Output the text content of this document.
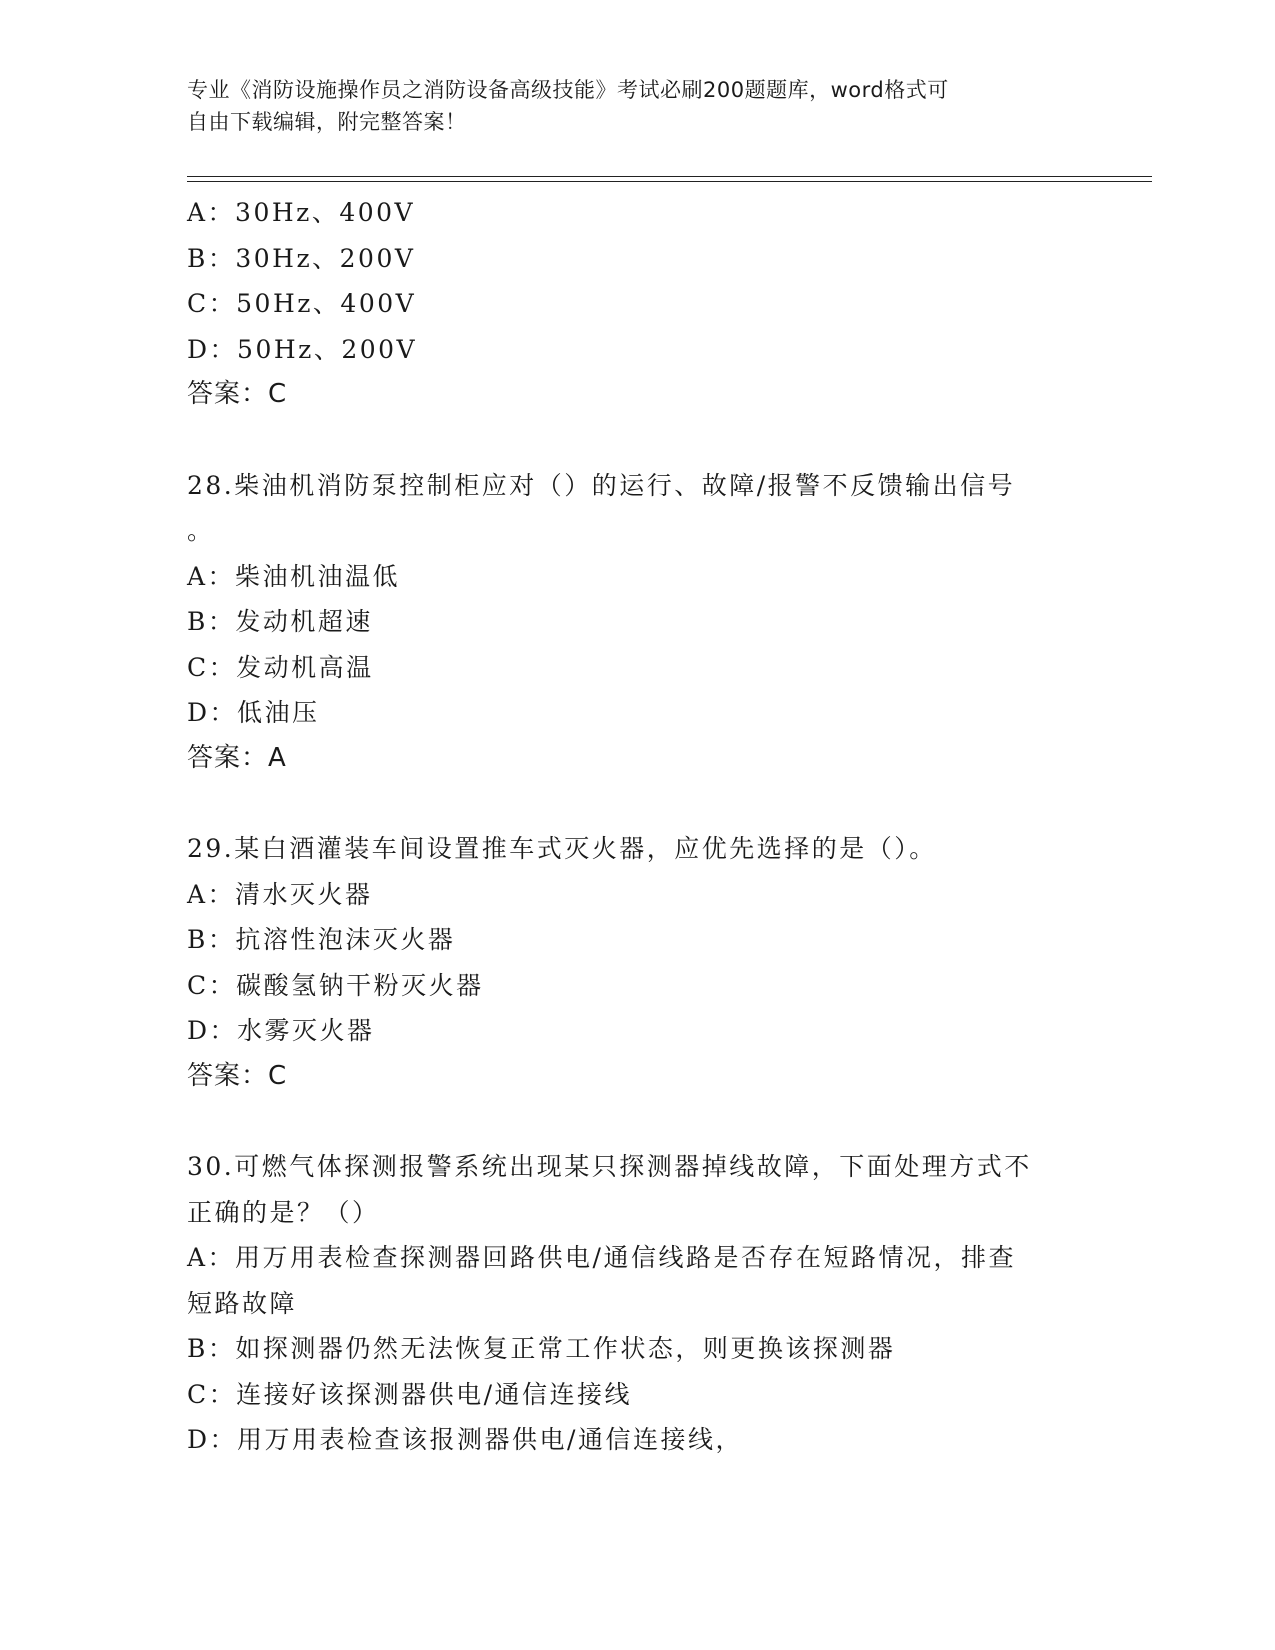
专业《消防设施操作员之消防设备高级技能》考试必刷200题题库，word格式可
自由下载编辑，附完整答案！
A：30Hz、400V
B：30Hz、200V
C：50Hz、400V
D：50Hz、200V
答案：C
28.柴油机消防泵控制柜应对（）的运行、故障/报警不反馈输出信号
。
A：柴油机油温低
B：发动机超速
C：发动机高温
D：低油压
答案：A
29.某白酒灌装车间设置推车式灭火器，应优先选择的是（）。
A：清水灭火器
B：抗溶性泡沫灭火器
C：碳酸氢钠干粉灭火器
D：水雾灭火器
答案：C
30.可燃气体探测报警系统出现某只探测器掉线故障，下面处理方式不
正确的是？（）
A：用万用表检查探测器回路供电/通信线路是否存在短路情况，排查
短路故障
B：如探测器仍然无法恢复正常工作状态，则更换该探测器
C：连接好该探测器供电/通信连接线
D：用万用表检查该报测器供电/通信连接线，
